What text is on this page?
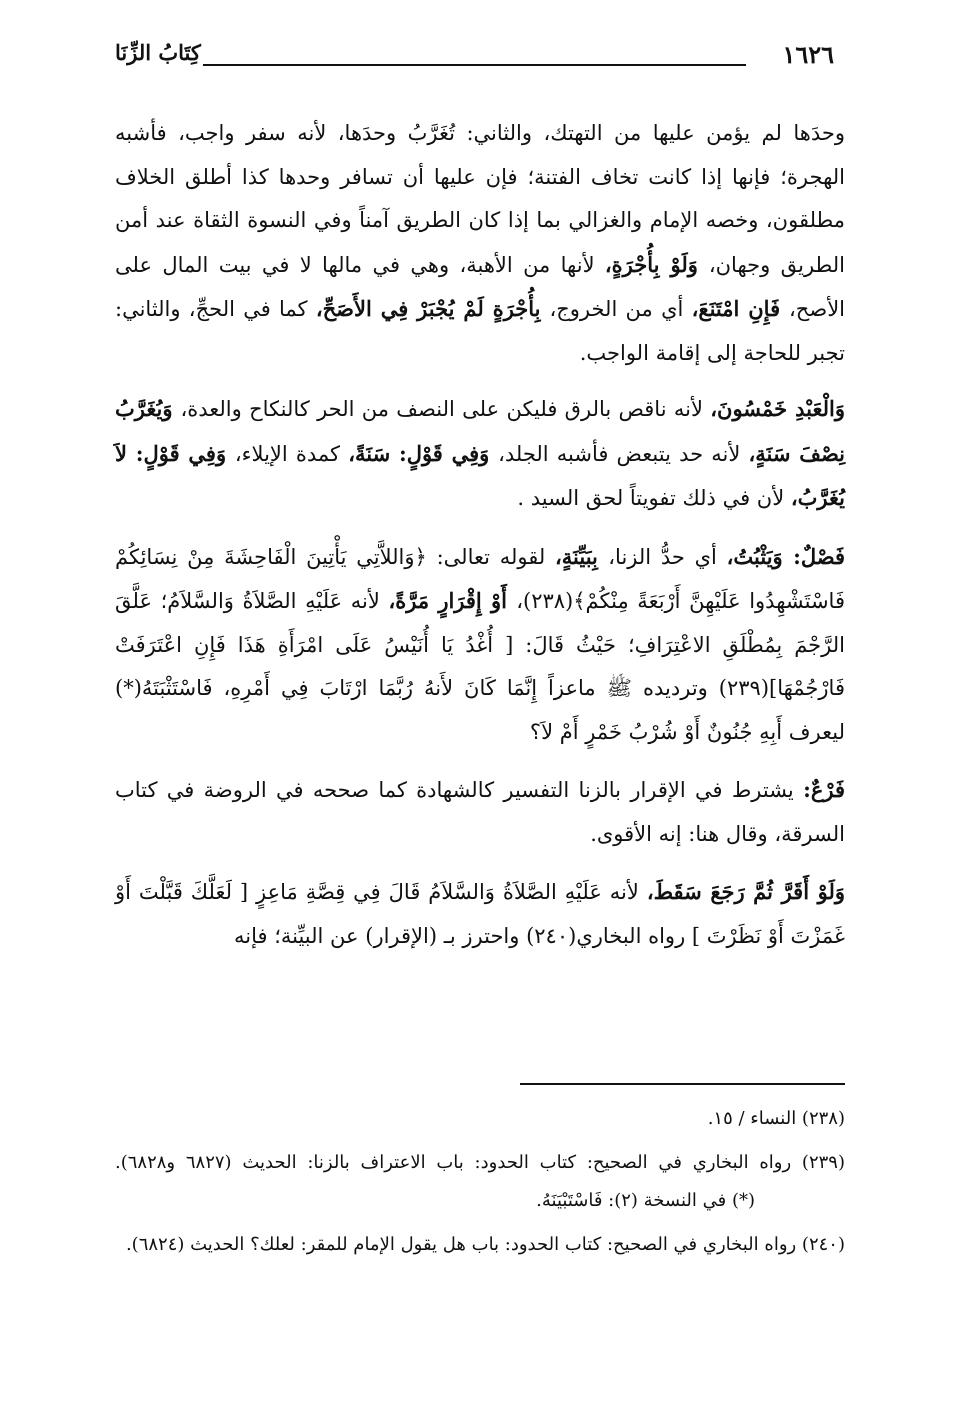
١٦٢٦
كِتَابُ الزِّنَا

وحدَها لم يؤمن عليها من التهتك، والثاني: تُغَرَّبُ وحدَها، لأنه سفر واجب، فأشبه الهجرة؛ فإنها إذا كانت تخاف الفتنة؛ فإن عليها أن تسافر وحدها كذا أطلق الخلاف مطلقون، وخصه الإمام والغزالي بما إذا كان الطريق آمناً وفي النسوة الثقاة عند أمن الطريق وجهان، وَلَوْ بِأُجْرَةٍ، لأنها من الأهبة، وهي في مالها لا في بيت المال على الأصح، فَإِنِ امْتَنَعَ، أي من الخروج، بِأُجْرَةٍ لَمْ يُجْبَرْ فِي الأَصَحِّ، كما في الحجِّ، والثاني: تجبر للحاجة إلى إقامة الواجب.

وَالْعَبْدِ خَمْسُونَ، لأنه ناقص بالرق فليكن على النصف من الحر كالنكاح والعدة، وَيُغَرَّبُ نِصْفَ سَنَةٍ، لأنه حد يتبعض فأشبه الجلد، وَفِي قَوْلٍ: سَنَةً، كمدة الإيلاء، وَفِي قَوْلٍ: لاَ يُغَرَّبُ، لأن في ذلك تفويتاً لحق السيد .

فَصْلٌ: وَيَثْبُتُ، أي حدُّ الزنا، بِبَيِّنَةٍ، لقوله تعالى: ﴿وَاللاَّتِي يَأْتِينَ الْفَاحِشَةَ مِنْ نِسَائِكُمْ فَاسْتَشْهِدُوا عَلَيْهِنَّ أَرْبَعَةً مِنْكُمْ﴾(٢٣٨)، أَوْ إِقْرَارٍ مَرَّةً، لأنه عَلَيْهِ الصَّلاَةُ وَالسَّلاَمُ؛ عَلَّقَ الرَّجْمَ بِمُطْلَقِ الاعْتِرَافِ؛ حَيْثُ قَالَ: [ أُغْدُ يَا أُنَيْسُ عَلَى امْرَأَةِ هَذَا فَإِنِ اعْتَرَفَتْ فَارْجُمْهَا](٢٣٩) وترديده ﷺ ماعزاً إِنَّمَا كَانَ لأَنهُ رُبَّمَا ارْتَابَ فِي أَمْرِهِ، فَاسْتَثْبَتَهُ(*) ليعرف أَبِهِ جُنُونٌ أَوْ شُرْبُ خَمْرٍ أَمْ لاَ؟

فَرْعٌ: يشترط في الإقرار بالزنا التفسير كالشهادة كما صححه في الروضة في كتاب السرقة، وقال هنا: إنه الأقوى.

وَلَوْ أَقَرَّ ثُمَّ رَجَعَ سَقَطَ، لأنه عَلَيْهِ الصَّلاَةُ وَالسَّلاَمُ قَالَ فِي قِصَّةِ مَاعِزٍ [ لَعَلَّكَ قَبَّلْتَ أَوْ غَمَزْتَ أَوْ نَظَرْتَ ] رواه البخاري(٢٤٠) واحترز بـ (الإقرار) عن البيِّنة؛ فإنه

(٢٣٨) النساء / ١٥.

(٢٣٩) رواه البخاري في الصحيح: كتاب الحدود: باب الاعتراف بالزنا: الحديث (٦٨٢٧ و٦٨٢٨).(*) في النسخة (٢): فَاسْتَبْيَنَهُ.

(٢٤٠) رواه البخاري في الصحيح: كتاب الحدود: باب هل يقول الإمام للمقر: لعلك؟ الحديث (٦٨٢٤).
